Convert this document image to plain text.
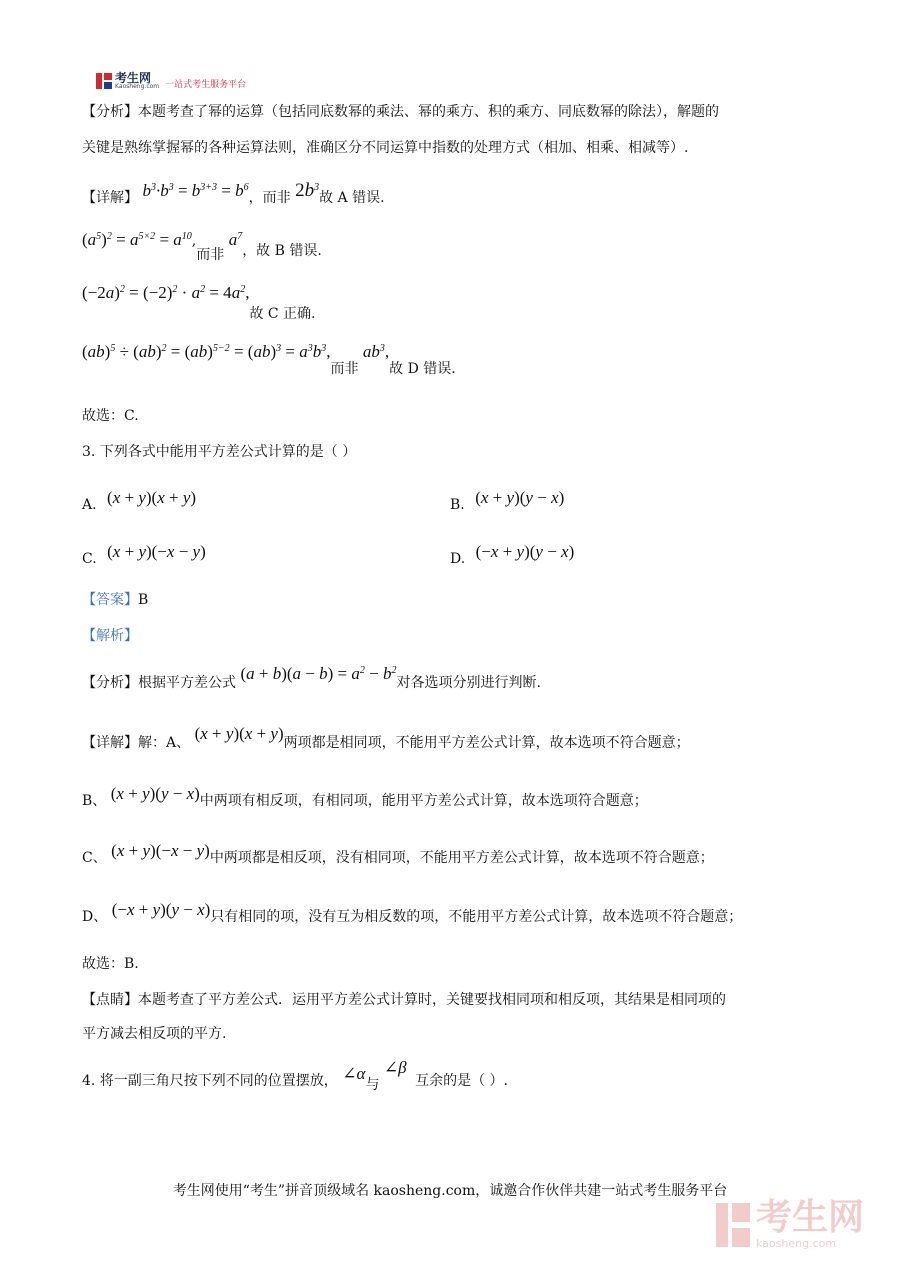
考生网
Kaosheng.com 一站式考生服务平台
【分析】本题考查了幂的运算（包括同底数幂的乘法、幂的乘方、积的乘方、同底数幂的除法），解题的
关键是熟练掌握幂的各种运算法则，准确区分不同运算中指数的处理方式（相加、相乘、相减等）.
【详解】 $b^3\cdot b^3 = b^{3+3} = b^6$，而非 $2b^3$故 A 错误.
$(a^5)^2 = a^{5\times 2} = a^{10}$,而非 $a^7$，故 B 错误.
$(-2a)^2 = (-2)^2 \cdot a^2 = 4a^2$,故 C 正确.
$(ab)^5 \div (ab)^2 = (ab)^{5-2} = (ab)^3 = a^3b^3$,而非 $ab^3$,故 D 错误.
故选：C.
3. 下列各式中能用平方差公式计算的是（ ）
A. (x + y)(x + y)	B. (x + y)(y − x)
C. (x + y)(−x − y)	D. (−x + y)(y − x)
【答案】B
【解析】
【分析】根据平方差公式 $(a + b)(a - b) = a^2 - b^2$对各选项分别进行判断.
【详解】解：A、 (x + y)(x + y)两项都是相同项，不能用平方差公式计算，故本选项不符合题意；
B、 (x + y)(y − x)中两项有相反项，有相同项，能用平方差公式计算，故本选项符合题意；
C、 (x + y)(−x − y)中两项都是相反项，没有相同项，不能用平方差公式计算，故本选项不符合题意；
D、 (−x + y)(y − x)只有相同的项，没有互为相反数的项，不能用平方差公式计算，故本选项不符合题意；
故选：B.
【点睛】本题考查了平方差公式．运用平方差公式计算时，关键要找相同项和相反项，其结果是相同项的
平方减去相反项的平方.
4. 将一副三角尺按下列不同的位置摆放， ∠α与 ∠β 互余的是（ ）.
考生网使用“考生”拼音顶级域名 kaosheng.com，诚邀合作伙伴共建一站式考生服务平台
考生网
kaosheng.com
